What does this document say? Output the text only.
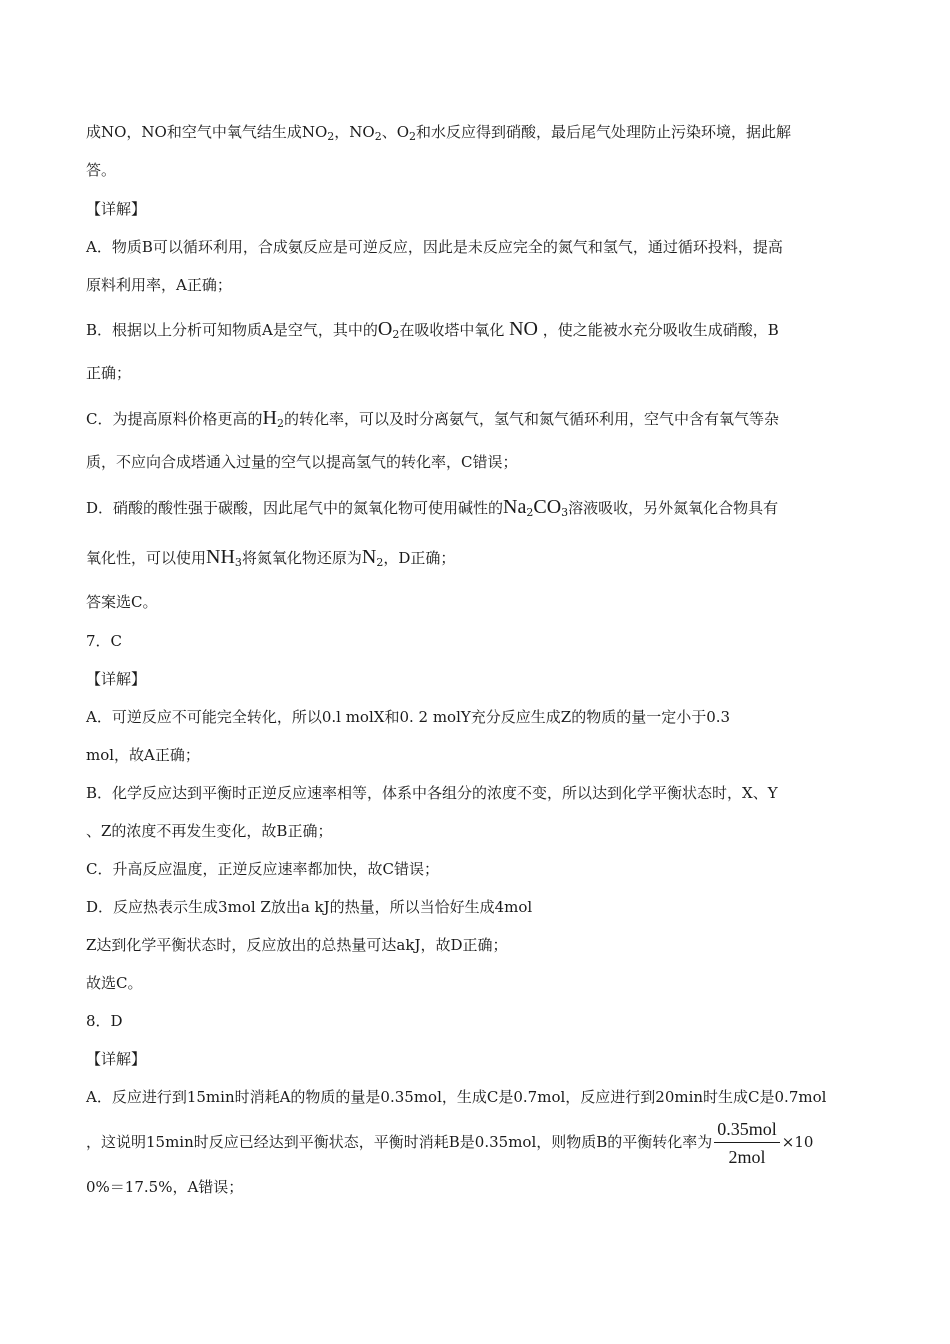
成NO，NO和空气中氧气结生成$NO_2$，$NO_2$、$O_2$和水反应得到硝酸，最后尾气处理防止污染环境，据此解
答。
【详解】
A．物质B可以循环利用，合成氨反应是可逆反应，因此是未反应完全的氮气和氢气，通过循环投料，提高
原料利用率，A正确；
B．根据以上分析可知物质A是空气，其中的$O_2$在吸收塔中氧化 NO ，使之能被水充分吸收生成硝酸，B
正确；
C．为提高原料价格更高的$H_2$的转化率，可以及时分离氨气，氢气和氮气循环利用，空气中含有氧气等杂
质，不应向合成塔通入过量的空气以提高氢气的转化率，C错误；
D．硝酸的酸性强于碳酸，因此尾气中的氮氧化物可使用碱性的$Na_2CO_3$溶液吸收，另外氮氧化合物具有
氧化性，可以使用$NH_3$将氮氧化物还原为$N_2$，D正确；
答案选C。
7．C
【详解】
A．可逆反应不可能完全转化，所以0.l molX和0. 2 molY充分反应生成Z的物质的量一定小于0.3
mol，故A正确；
B．化学反应达到平衡时正逆反应速率相等，体系中各组分的浓度不变，所以达到化学平衡状态时，X、Y
、Z的浓度不再发生变化，故B正确；
C．升高反应温度，正逆反应速率都加快，故C错误；
D．反应热表示生成3mol Z放出a kJ的热量，所以当恰好生成4mol
Z达到化学平衡状态时，反应放出的总热量可达akJ，故D正确；
故选C。
8．D
【详解】
A．反应进行到15min时消耗A的物质的量是0.35mol，生成C是0.7mol，反应进行到20min时生成C是0.7mol
，这说明15min时反应已经达到平衡状态，平衡时消耗B是0.35mol，则物质B的平衡转化率为 $\frac{\text{0.35mol}}{\text{2mol}} \times 10$
0%＝17.5%，A错误；
